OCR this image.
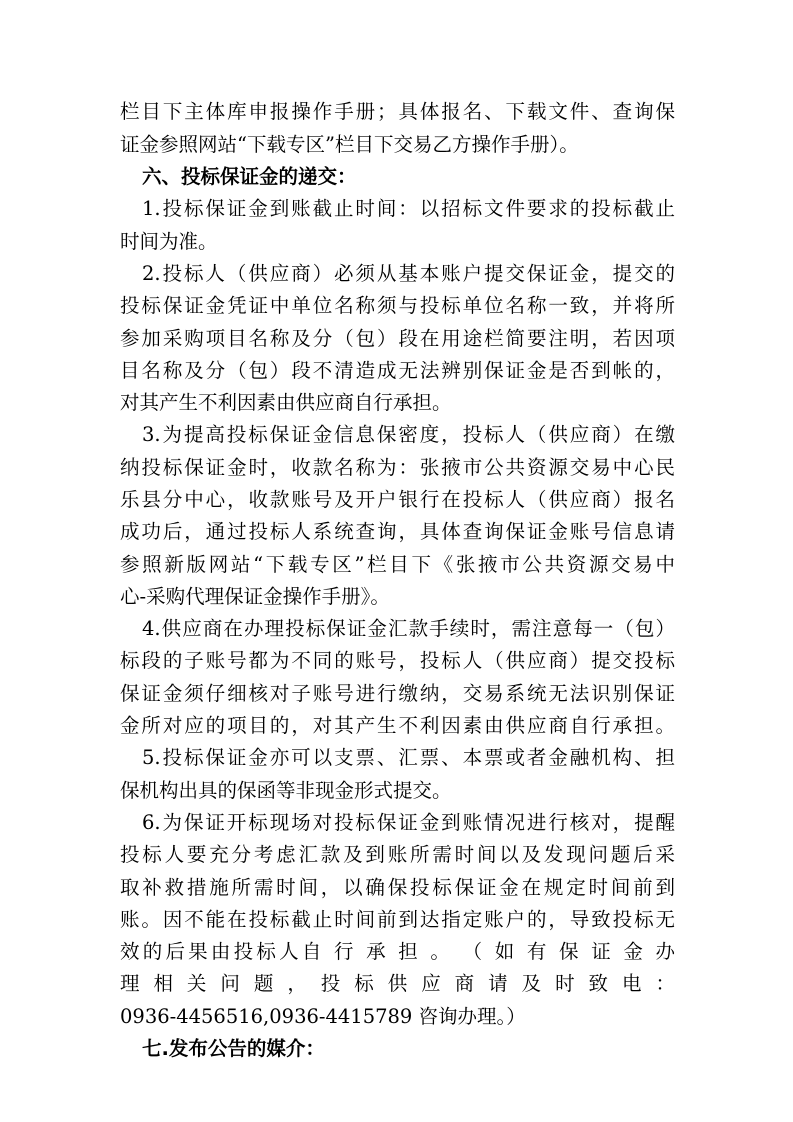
栏目下主体库申报操作手册；具体报名、下载文件、查询保
证金参照网站“下载专区”栏目下交易乙方操作手册）。
六、投标保证金的递交：
1.投标保证金到账截止时间：以招标文件要求的投标截止
时间为准。
2.投标人（供应商）必须从基本账户提交保证金，提交的
投标保证金凭证中单位名称须与投标单位名称一致，并将所
参加采购项目名称及分（包）段在用途栏简要注明，若因项
目名称及分（包）段不清造成无法辨别保证金是否到帐的，
对其产生不利因素由供应商自行承担。
3.为提高投标保证金信息保密度，投标人（供应商）在缴
纳投标保证金时，收款名称为：张掖市公共资源交易中心民
乐县分中心，收款账号及开户银行在投标人（供应商）报名
成功后，通过投标人系统查询，具体查询保证金账号信息请
参照新版网站“下载专区”栏目下《张掖市公共资源交易中
心-采购代理保证金操作手册》。
4.供应商在办理投标保证金汇款手续时，需注意每一（包）
标段的子账号都为不同的账号，投标人（供应商）提交投标
保证金须仔细核对子账号进行缴纳，交易系统无法识别保证
金所对应的项目的，对其产生不利因素由供应商自行承担。
5.投标保证金亦可以支票、汇票、本票或者金融机构、担
保机构出具的保函等非现金形式提交。
6.为保证开标现场对投标保证金到账情况进行核对，提醒
投标人要充分考虑汇款及到账所需时间以及发现问题后采
取补救措施所需时间，以确保投标保证金在规定时间前到
账。因不能在投标截止时间前到达指定账户的，导致投标无
效的后果由投标人自 行 承 担 。 （ 如 有 保 证 金 办
理 相 关 问 题 ， 投 标 供 应 商 请 及 时 致 电 ：
0936-4456516,0936-4415789 咨询办理。）
七.发布公告的媒介：
